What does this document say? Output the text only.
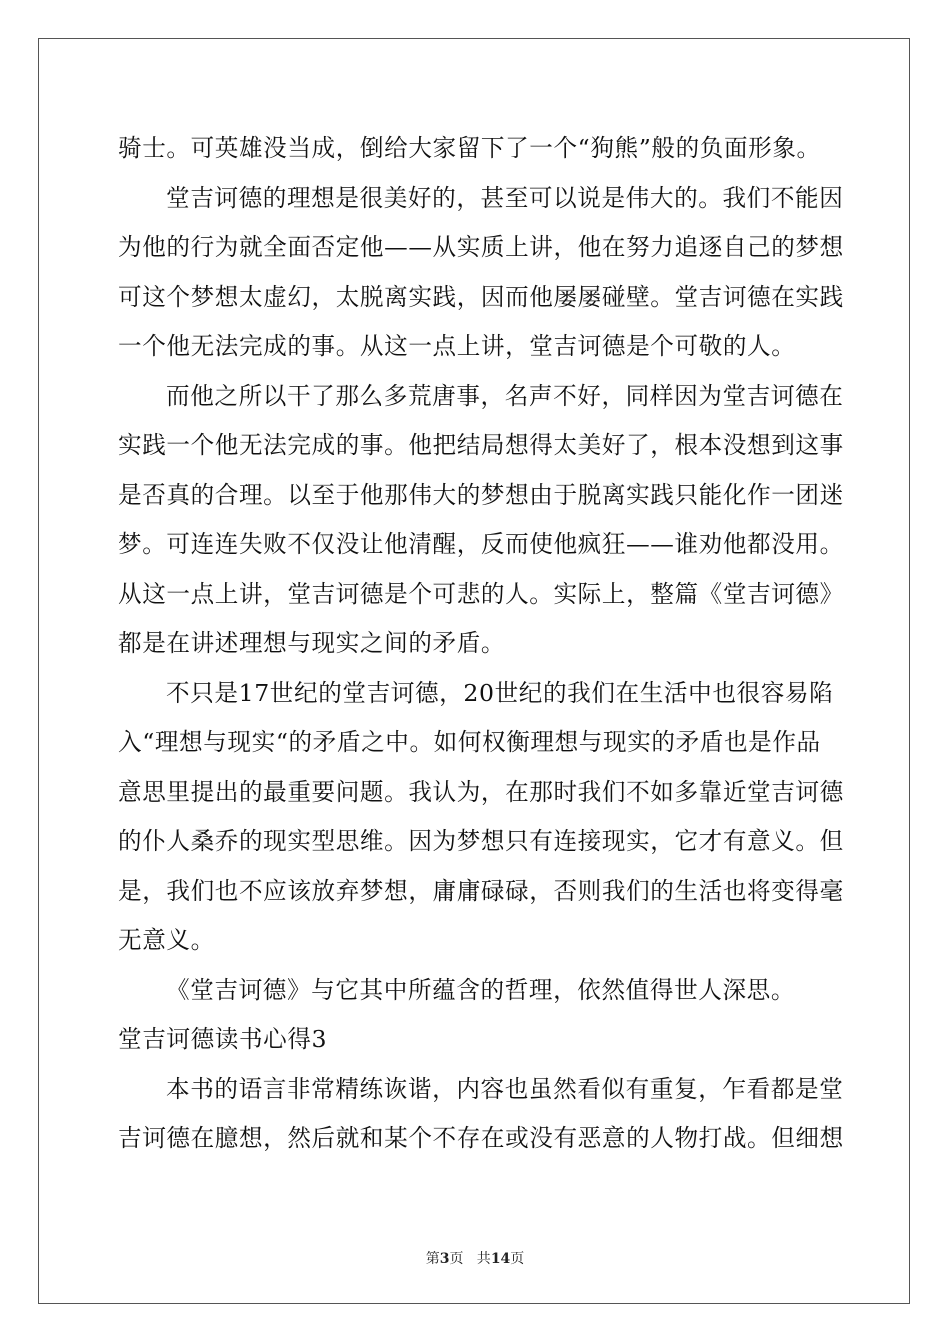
骑士。可英雄没当成，倒给大家留下了一个“狗熊”般的负面形象。
堂吉诃德的理想是很美好的，甚至可以说是伟大的。我们不能因
为他的行为就全面否定他——从实质上讲，他在努力追逐自己的梦想
可这个梦想太虚幻，太脱离实践，因而他屡屡碰壁。堂吉诃德在实践
一个他无法完成的事。从这一点上讲，堂吉诃德是个可敬的人。
而他之所以干了那么多荒唐事，名声不好，同样因为堂吉诃德在
实践一个他无法完成的事。他把结局想得太美好了，根本没想到这事
是否真的合理。以至于他那伟大的梦想由于脱离实践只能化作一团迷
梦。可连连失败不仅没让他清醒，反而使他疯狂——谁劝他都没用。
从这一点上讲，堂吉诃德是个可悲的人。实际上，整篇《堂吉诃德》
都是在讲述理想与现实之间的矛盾。
不只是17世纪的堂吉诃德，20世纪的我们在生活中也很容易陷
入“理想与现实“的矛盾之中。如何权衡理想与现实的矛盾也是作品
意思里提出的最重要问题。我认为，在那时我们不如多靠近堂吉诃德
的仆人桑乔的现实型思维。因为梦想只有连接现实，它才有意义。但
是，我们也不应该放弃梦想，庸庸碌碌，否则我们的生活也将变得毫
无意义。
《堂吉诃德》与它其中所蕴含的哲理，依然值得世人深思。
堂吉诃德读书心得3
本书的语言非常精练诙谐，内容也虽然看似有重复，乍看都是堂
吉诃德在臆想，然后就和某个不存在或没有恶意的人物打战。但细想
第3页   共14页
